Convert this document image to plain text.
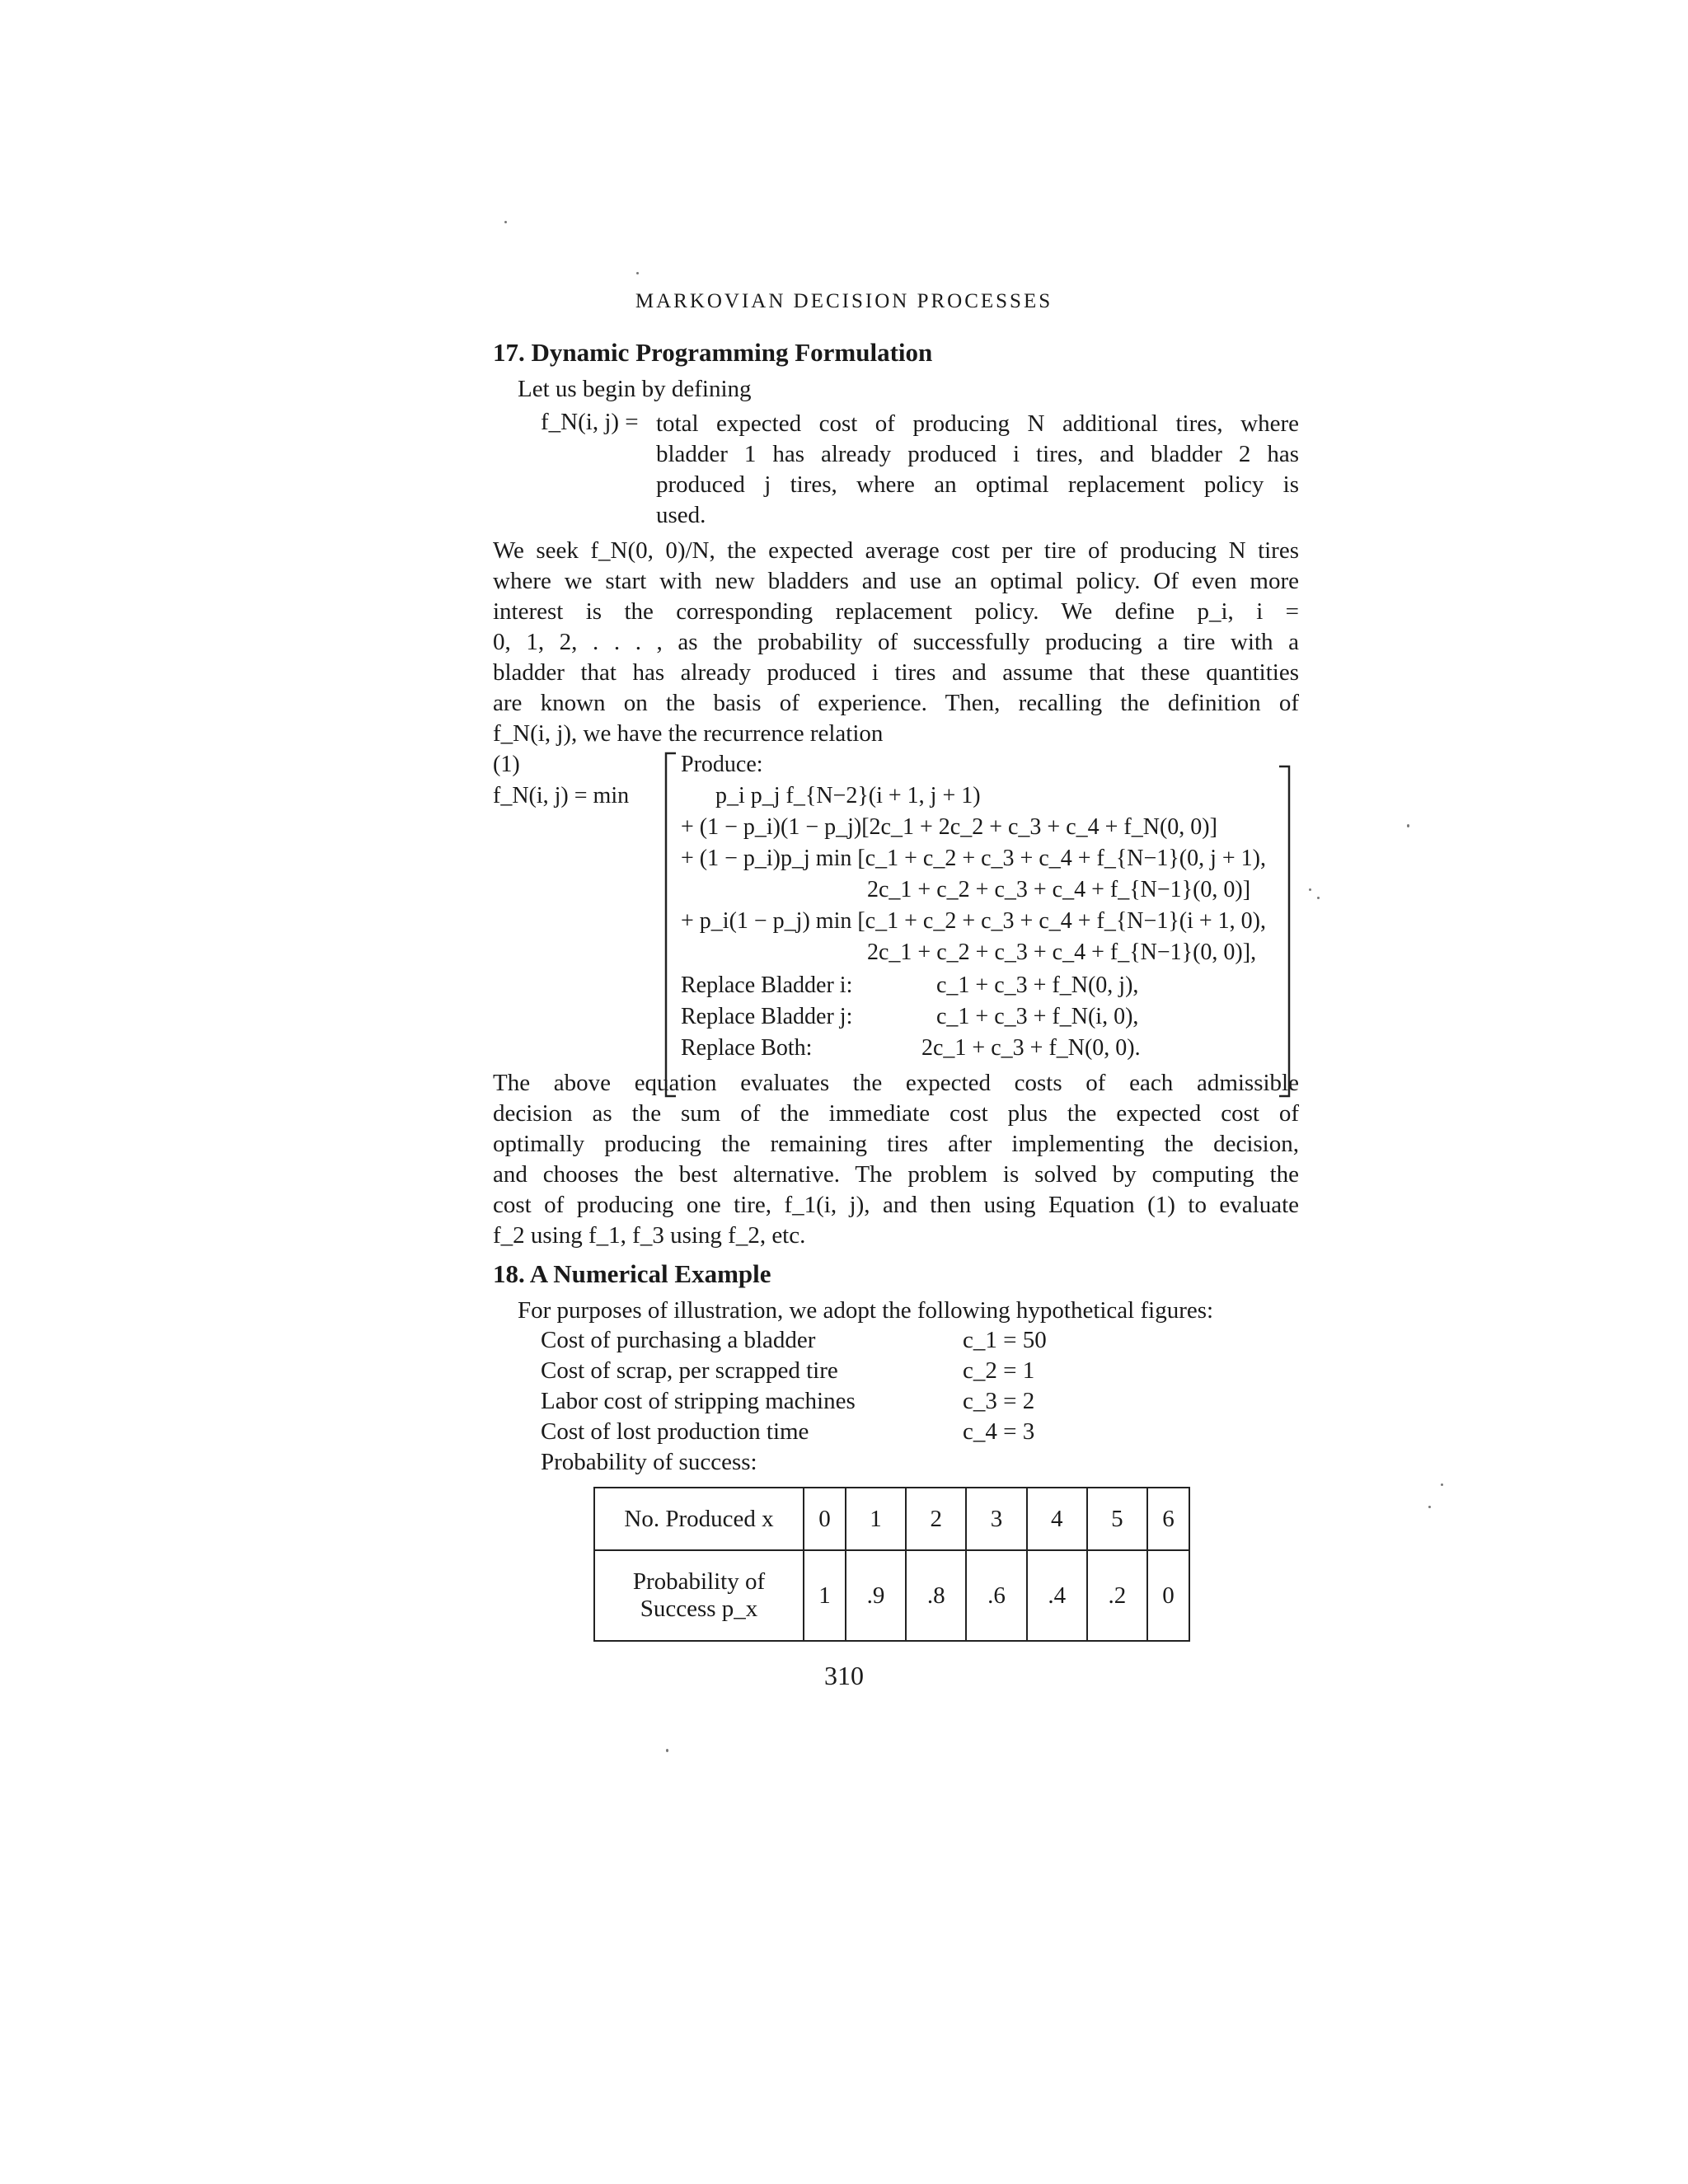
MARKOVIAN DECISION PROCESSES
17. Dynamic Programming Formulation
Let us begin by defining
f_N(i, j) = total expected cost of producing N additional tires, where
bladder 1 has already produced i tires, and bladder 2 has
produced j tires, where an optimal replacement policy is
used.
We seek f_N(0, 0)/N, the expected average cost per tire of producing N tires
where we start with new bladders and use an optimal policy. Of even more
interest is the corresponding replacement policy. We define p_i, i =
0, 1, 2, . . . , as the probability of successfully producing a tire with a
bladder that has already produced i tires and assume that these quantities
are known on the basis of experience. Then, recalling the definition of
f_N(i, j), we have the recurrence relation
(1)
f_N(i, j) = min
Produce:
p_i p_j f_{N−2}(i + 1, j + 1)
+ (1 − p_i)(1 − p_j)[2c_1 + 2c_2 + c_3 + c_4 + f_N(0, 0)]
+ (1 − p_i)p_j min [c_1 + c_2 + c_3 + c_4 + f_{N−1}(0, j + 1),
2c_1 + c_2 + c_3 + c_4 + f_{N−1}(0, 0)]
+ p_i(1 − p_j) min [c_1 + c_2 + c_3 + c_4 + f_{N−1}(i + 1, 0),
2c_1 + c_2 + c_3 + c_4 + f_{N−1}(0, 0)],
Replace Bladder i:	c_1 + c_3 + f_N(0, j),
Replace Bladder j:	c_1 + c_3 + f_N(i, 0),
Replace Both:	2c_1 + c_3 + f_N(0, 0).
The above equation evaluates the expected costs of each admissible
decision as the sum of the immediate cost plus the expected cost of
optimally producing the remaining tires after implementing the decision,
and chooses the best alternative. The problem is solved by computing the
cost of producing one tire, f_1(i, j), and then using Equation (1) to evaluate
f_2 using f_1, f_3 using f_2, etc.
18. A Numerical Example
For purposes of illustration, we adopt the following hypothetical figures:
Cost of purchasing a bladder	c_1 = 50
Cost of scrap, per scrapped tire	c_2 = 1
Labor cost of stripping machines	c_3 = 2
Cost of lost production time	c_4 = 3
Probability of success:
No. Produced x	0	1	2	3	4	5	6

Probability of
Success p_x	1	.9	.8	.6	.4	.2	0
310
